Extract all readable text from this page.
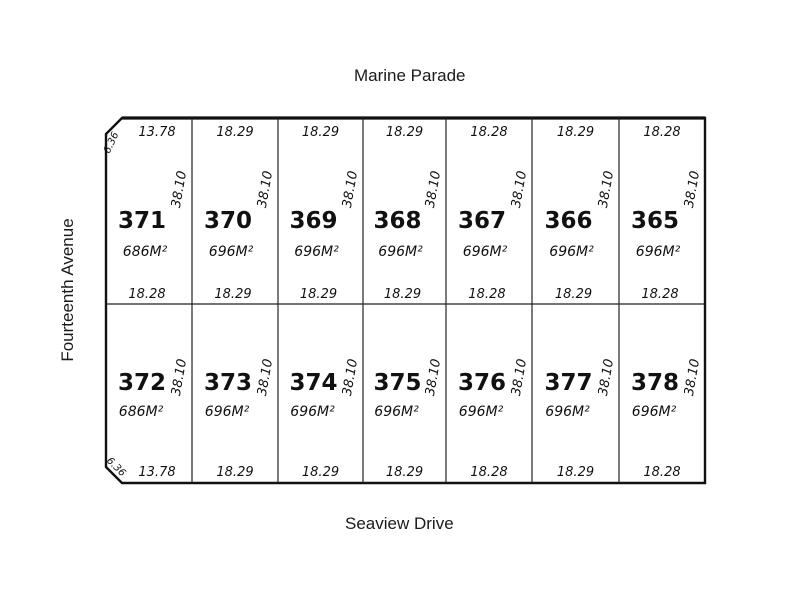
Marine Parade
Seaview Drive
Fourteenth Avenue
6.36
6.36
371
686M²
13.78
18.28
38.10
370
696M²
18.29
18.29
38.10
369
696M²
18.29
18.29
38.10
368
696M²
18.29
18.29
38.10
367
696M²
18.28
18.28
38.10
366
696M²
18.29
18.29
38.10
365
696M²
18.28
18.28
38.10
372
686M²
13.78
38.10 373
696M²
18.29
38.10 374
696M²
18.29
38.10 375
696M²
18.29
38.10 376
696M²
18.28
38.10 377
696M²
18.29
38.10 378
696M²
18.28
38.10
